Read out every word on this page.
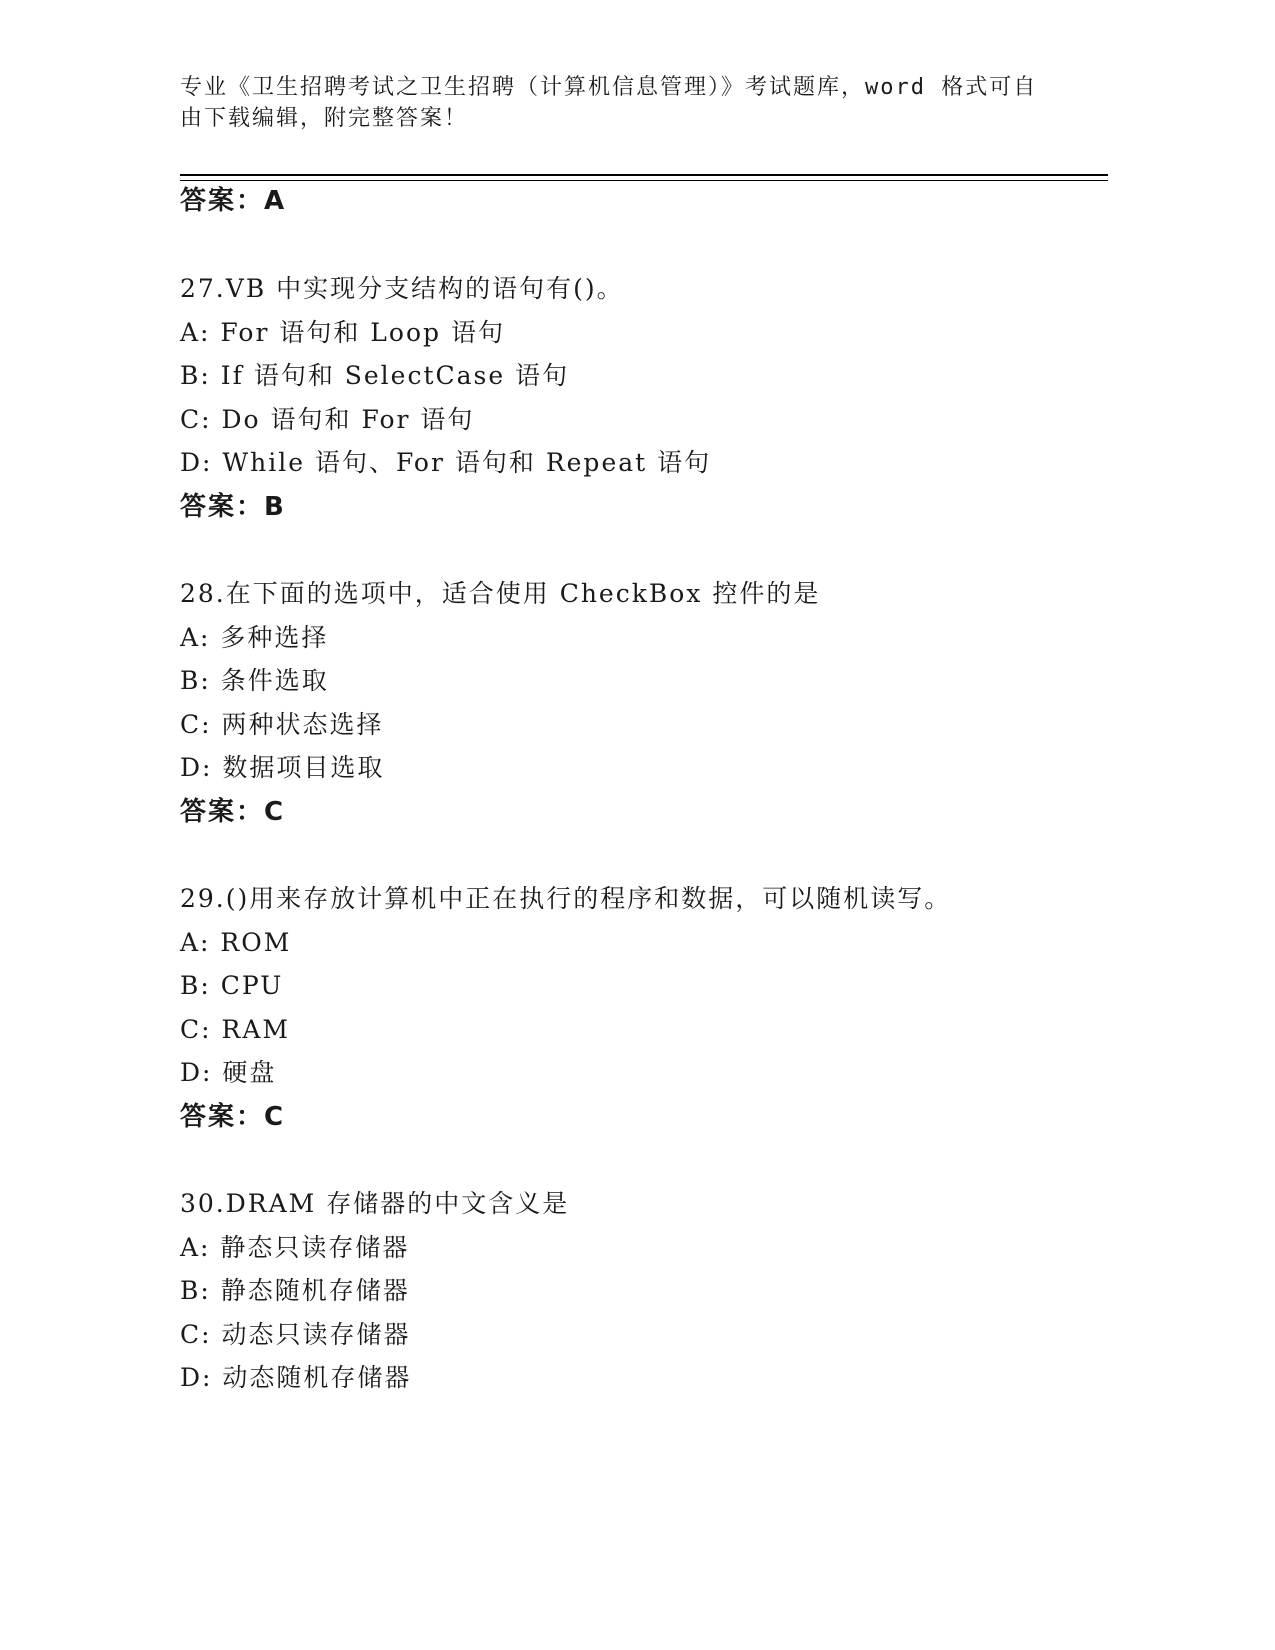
专业《卫生招聘考试之卫生招聘（计算机信息管理）》考试题库，word 格式可自
由下载编辑，附完整答案！
答案：A
27.VB 中实现分支结构的语句有()。
A: For 语句和 Loop 语句
B: If 语句和 SelectCase 语句
C: Do 语句和 For 语句
D: While 语句、For 语句和 Repeat 语句
答案：B
28.在下面的选项中，适合使用 CheckBox 控件的是
A: 多种选择
B: 条件选取
C: 两种状态选择
D: 数据项目选取
答案：C
29.()用来存放计算机中正在执行的程序和数据，可以随机读写。
A: ROM
B: CPU
C: RAM
D: 硬盘
答案：C
30.DRAM 存储器的中文含义是
A: 静态只读存储器
B: 静态随机存储器
C: 动态只读存储器
D: 动态随机存储器
